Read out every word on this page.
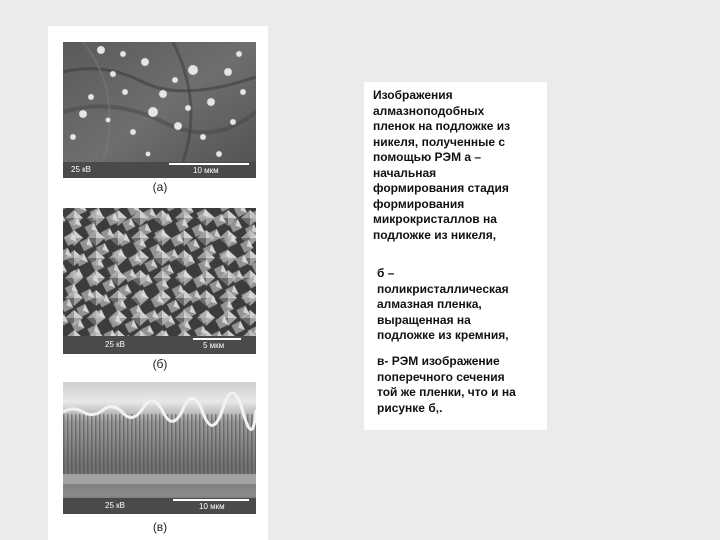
25 кВ	10 мкм
(а)
25 кВ	5 мкм
(б)
25 кВ	10 мкм
(в)
Изображения
алмазноподобных
пленок на подложке из
никеля, полученные с
помощью РЭМ а –
начальная
формирования стадия
формирования
микрокристаллов на
подложке из никеля,
б –
поликристаллическая
алмазная пленка,
выращенная на
подложке из кремния,
в- РЭМ изображение
поперечного сечения
той же пленки, что и на
рисунке б,.
